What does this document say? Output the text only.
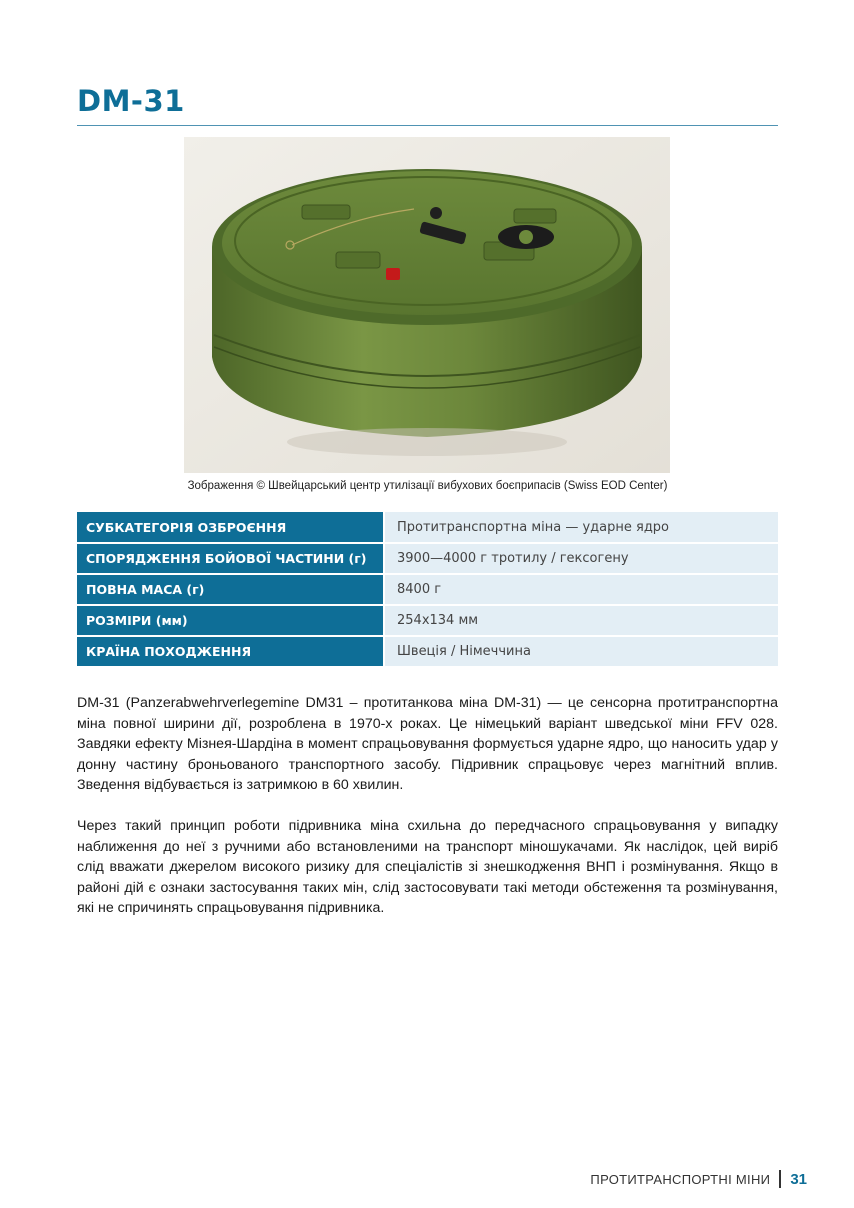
DM-31
Зображення © Швейцарський центр утилізації вибухових боєприпасів (Swiss EOD Center)
СУБКАТЕГОРІЯ ОЗБРОЄННЯ	Протитранспортна міна — ударне ядро
СПОРЯДЖЕННЯ БОЙОВОЇ ЧАСТИНИ (г)	3900—4000 г тротилу / гексогену
ПОВНА МАСА (г)	8400 г
РОЗМІРИ (мм)	254х134 мм
КРАЇНА ПОХОДЖЕННЯ	Швеція / Німеччина

DM-31 (Panzerabwehrverlegemine DM31 – протитанкова міна DM-31) — це сенсорна протитранспортна міна повної ширини дії, розроблена в 1970-х роках. Це німецький варіант шведської міни FFV 028. Завдяки ефекту Мізнея-Шардіна в момент спрацьовування формується ударне ядро, що наносить удар у донну частину броньованого транспортного засобу. Підривник спрацьовує через магнітний вплив. Зведення відбувається із затримкою в 60 хвилин.

Через такий принцип роботи підривника міна схильна до передчасного спрацьовування у випадку наближення до неї з ручними або встановленими на транспорт міношукачами. Як наслідок, цей виріб слід вважати джерелом високого ризику для спеціалістів зі знешкодження ВНП і розмінування. Якщо в районі дій є ознаки застосування таких мін, слід застосовувати такі методи обстеження та розмінування, які не спричинять спрацьовування підривника.

ПРОТИТРАНСПОРТНІ МІНИ 31
